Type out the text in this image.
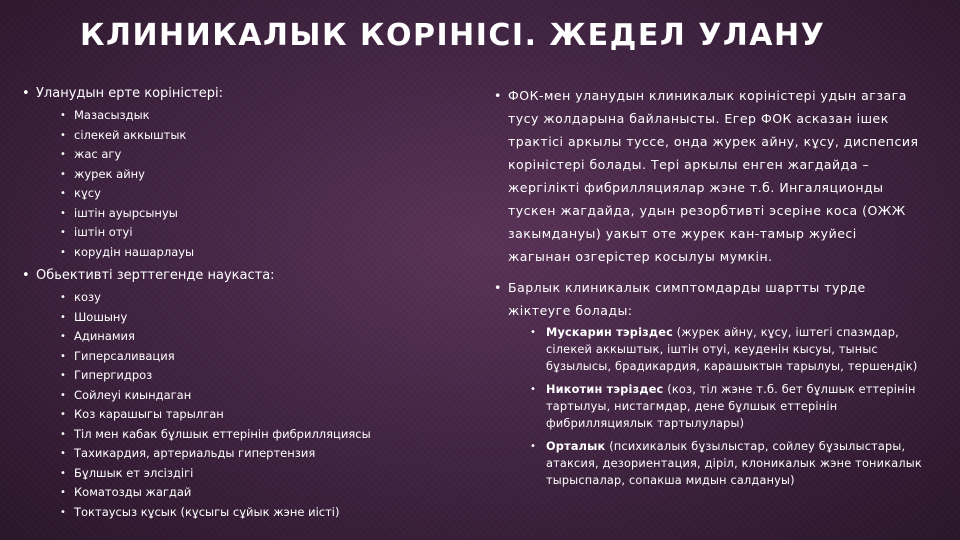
КЛИНИКАЛЫК КОРІНІСІ. ЖЕДЕЛ УЛАНУ
• Уланудын ерте коріністері:
• Мазасыздык
• сілекей аккыштык
• жас агу
• журек айну
• кұсу
• іштін ауырсынуы
• іштін отуі
• корудін нашарлауы
• Обьективті зерттегенде наукаста:
• козу
• Шошыну
• Адинамия
• Гиперсаливация
• Гипергидроз
• Сойлеуі киындаган
• Коз карашыгы тарылган
• Тіл мен кабак бұлшык еттерінін фибрилляциясы
• Тахикардия, артериальды гипертензия
• Бұлшык ет элсіздігі
• Коматозды жагдай
• Токтаусыз кұсык (кұсыгы сұйык жэне иісті)
• ФОК-мен уланудын клиникалык коріністері удын агзага тусу жолдарына байланысты. Егер ФОК асказан ішек трактісі аркылы туссе, онда журек айну, кұсу, диспепсия коріністері болады. Тері аркылы енген жагдайда – жергілікті фибрилляциялар жэне т.б. Ингаляционды тускен жагдайда, удын резорбтивті эсеріне коса (ОЖЖ закымдануы) уакыт оте журек кан-тамыр жуйесі жагынан озгерістер косылуы мумкін.
• Барлык клиникалык симптомдарды шартты турде жіктеуге болады:
• Мускарин тэріздес (журек айну, кұсу, іштегі спазмдар, сілекей аккыштык, іштін отуі, кеуденін кысуы, тыныс бұзылысы, брадикардия, карашыктын тарылуы, тершендік)
• Никотин тэріздес (коз, тіл жэне т.б. бет бұлшык еттерінін тартылуы, нистагмдар, дене бұлшык еттерінін фибрилляциялык тартылулары)
• Орталык (психикалык бұзылыстар, сойлеу бұзылыстары, атаксия, дезориентация, діріл, клоникалык жэне тоникалык тырыспалар, сопакша мидын салдануы)
